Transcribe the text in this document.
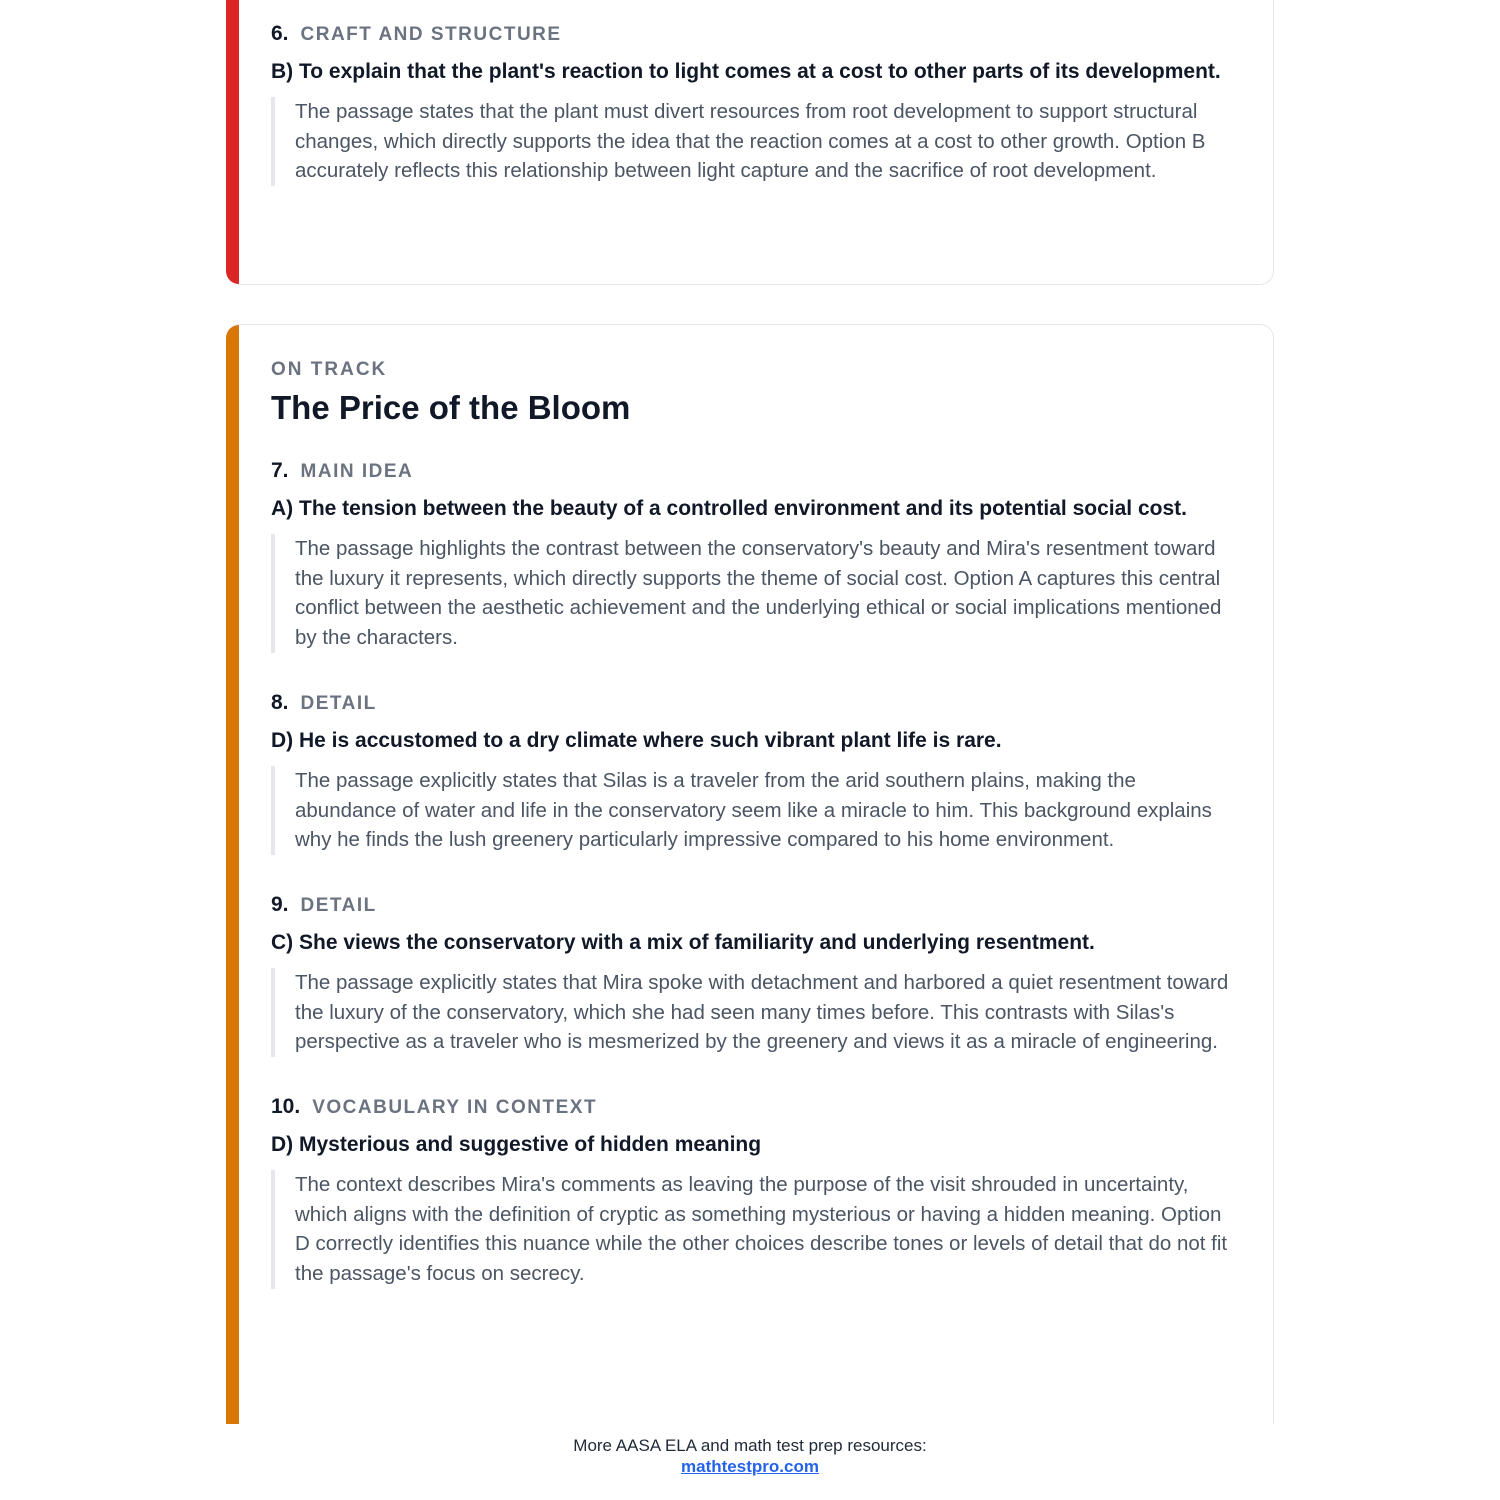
6. CRAFT AND STRUCTURE

B) To explain that the plant's reaction to light comes at a cost to other parts of its development.

The passage states that the plant must divert resources from root development to support structural changes, which directly supports the idea that the reaction comes at a cost to other growth. Option B accurately reflects this relationship between light capture and the sacrifice of root development.

ON TRACK

The Price of the Bloom
7. MAIN IDEA

A) The tension between the beauty of a controlled environment and its potential social cost.

The passage highlights the contrast between the conservatory's beauty and Mira's resentment toward the luxury it represents, which directly supports the theme of social cost. Option A captures this central conflict between the aesthetic achievement and the underlying ethical or social implications mentioned by the characters.

8. DETAIL

D) He is accustomed to a dry climate where such vibrant plant life is rare.

The passage explicitly states that Silas is a traveler from the arid southern plains, making the abundance of water and life in the conservatory seem like a miracle to him. This background explains why he finds the lush greenery particularly impressive compared to his home environment.

9. DETAIL

C) She views the conservatory with a mix of familiarity and underlying resentment.

The passage explicitly states that Mira spoke with detachment and harbored a quiet resentment toward the luxury of the conservatory, which she had seen many times before. This contrasts with Silas's perspective as a traveler who is mesmerized by the greenery and views it as a miracle of engineering.

10. VOCABULARY IN CONTEXT

D) Mysterious and suggestive of hidden meaning

The context describes Mira's comments as leaving the purpose of the visit shrouded in uncertainty, which aligns with the definition of cryptic as something mysterious or having a hidden meaning. Option D correctly identifies this nuance while the other choices describe tones or levels of detail that do not fit the passage's focus on secrecy.

More AASA ELA and math test prep resources:
mathtestpro.com
